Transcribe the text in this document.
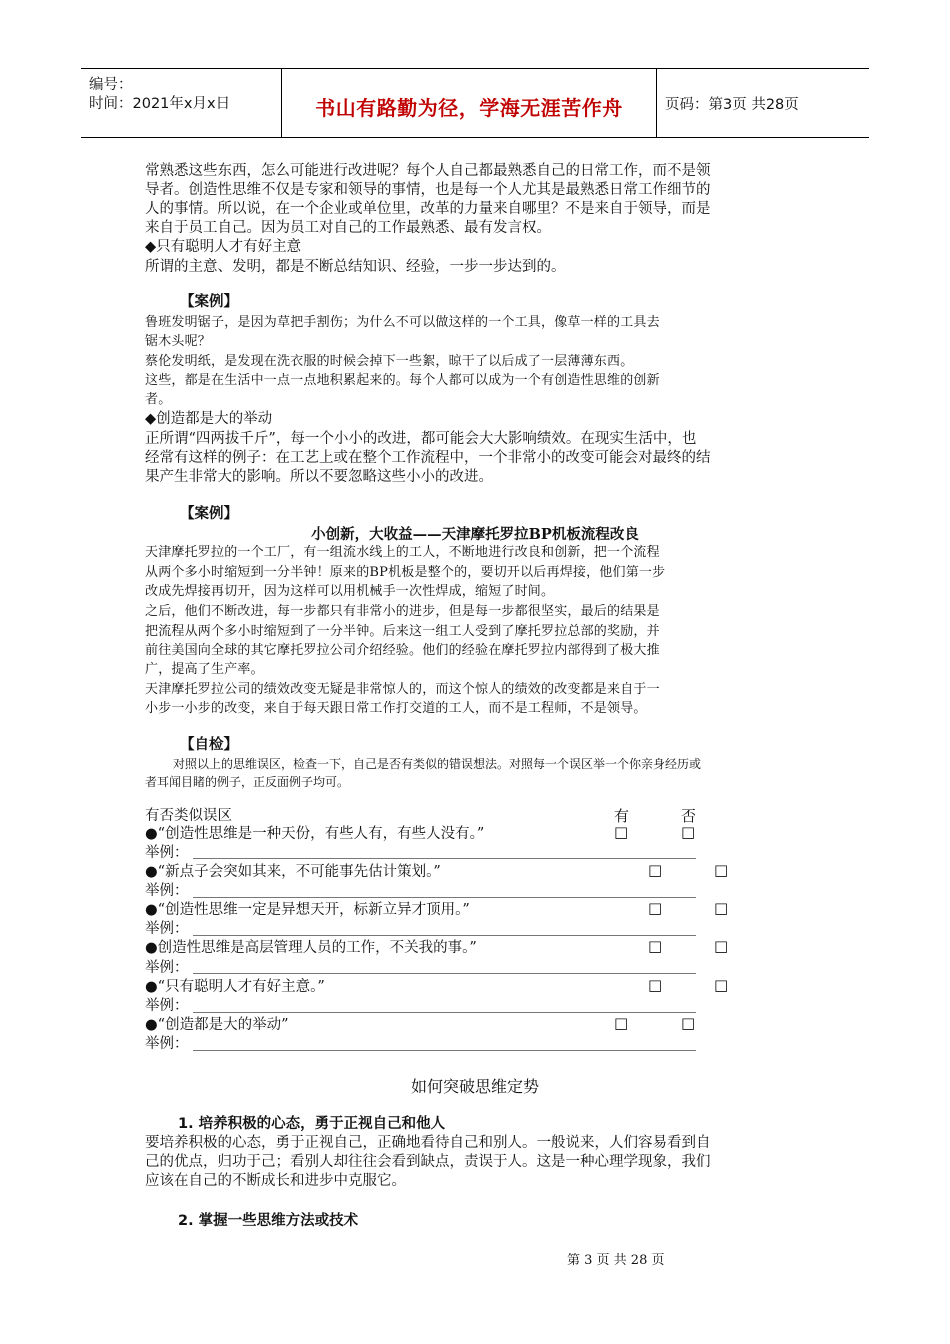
编号：
时间：2021年x月x日	书山有路勤为径，学海无涯苦作舟	页码：第3页 共28页
常熟悉这些东西，怎么可能进行改进呢？每个人自己都最熟悉自己的日常工作，而不是领
导者。创造性思维不仅是专家和领导的事情，也是每一个人尤其是最熟悉日常工作细节的
人的事情。所以说，在一个企业或单位里，改革的力量来自哪里？不是来自于领导，而是
来自于员工自己。因为员工对自己的工作最熟悉、最有发言权。
◆只有聪明人才有好主意
所谓的主意、发明，都是不断总结知识、经验，一步一步达到的。
【案例】
鲁班发明锯子，是因为草把手割伤；为什么不可以做这样的一个工具，像草一样的工具去
锯木头呢？
蔡伦发明纸，是发现在洗衣服的时候会掉下一些絮，晾干了以后成了一层薄薄东西。
这些，都是在生活中一点一点地积累起来的。每个人都可以成为一个有创造性思维的创新
者。
◆创造都是大的举动
正所谓“四两拔千斤”，每一个小小的改进，都可能会大大影响绩效。在现实生活中，也
经常有这样的例子：在工艺上或在整个工作流程中，一个非常小的改变可能会对最终的结
果产生非常大的影响。所以不要忽略这些小小的改进。
【案例】
小创新，大收益——天津摩托罗拉BP机板流程改良
天津摩托罗拉的一个工厂，有一组流水线上的工人，不断地进行改良和创新，把一个流程
从两个多小时缩短到一分半钟！原来的BP机板是整个的，要切开以后再焊接，他们第一步
改成先焊接再切开，因为这样可以用机械手一次性焊成，缩短了时间。
之后，他们不断改进，每一步都只有非常小的进步，但是每一步都很坚实，最后的结果是
把流程从两个多小时缩短到了一分半钟。后来这一组工人受到了摩托罗拉总部的奖励，并
前往美国向全球的其它摩托罗拉公司介绍经验。他们的经验在摩托罗拉内部得到了极大推
广，提高了生产率。
天津摩托罗拉公司的绩效改变无疑是非常惊人的，而这个惊人的绩效的改变都是来自于一
小步一小步的改变，来自于每天跟日常工作打交道的工人，而不是工程师，不是领导。
【自检】
对照以上的思维误区，检查一下，自己是否有类似的错误想法。对照每一个误区举一个你亲身经历或
者耳闻目睹的例子，正反面例子均可。
有否类似误区	有	否
●“创造性思维是一种天份，有些人有，有些人没有。”	□	□
举例：
●“新点子会突如其来，不可能事先估计策划。”	□	□
举例：
●“创造性思维一定是异想天开，标新立异才顶用。”	□	□
举例：
●创造性思维是高层管理人员的工作，不关我的事。”	□	□
举例：
●“只有聪明人才有好主意。”	□	□
举例：
●“创造都是大的举动”	□	□
举例：
如何突破思维定势
1. 培养积极的心态，勇于正视自己和他人
要培养积极的心态，勇于正视自己，正确地看待自己和别人。一般说来，人们容易看到自
己的优点，归功于己；看别人却往往会看到缺点，责误于人。这是一种心理学现象，我们
应该在自己的不断成长和进步中克服它。
2. 掌握一些思维方法或技术
第 3 页 共 28 页
